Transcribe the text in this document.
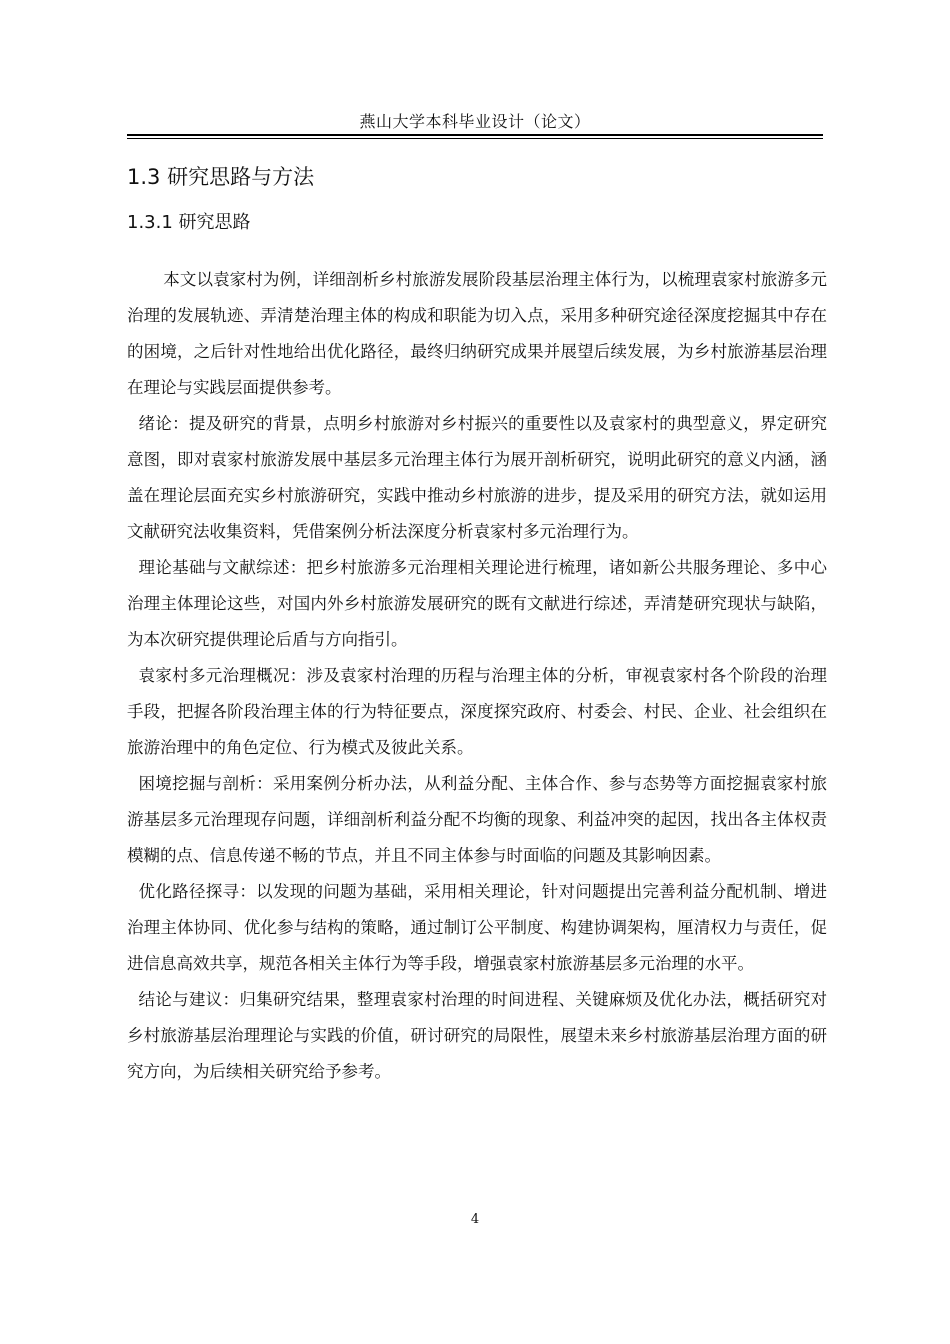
燕山大学本科毕业设计（论文）
1.3 研究思路与方法
1.3.1 研究思路

本文以袁家村为例，详细剖析乡村旅游发展阶段基层治理主体行为，以梳理袁家村旅游多元治理的发展轨迹、弄清楚治理主体的构成和职能为切入点，采用多种研究途径深度挖掘其中存在的困境，之后针对性地给出优化路径，最终归纳研究成果并展望后续发展，为乡村旅游基层治理在理论与实践层面提供参考。

绪论：提及研究的背景，点明乡村旅游对乡村振兴的重要性以及袁家村的典型意义，界定研究意图，即对袁家村旅游发展中基层多元治理主体行为展开剖析研究，说明此研究的意义内涵，涵盖在理论层面充实乡村旅游研究，实践中推动乡村旅游的进步，提及采用的研究方法，就如运用文献研究法收集资料，凭借案例分析法深度分析袁家村多元治理行为。

理论基础与文献综述：把乡村旅游多元治理相关理论进行梳理，诸如新公共服务理论、多中心治理主体理论这些，对国内外乡村旅游发展研究的既有文献进行综述，弄清楚研究现状与缺陷，为本次研究提供理论后盾与方向指引。

袁家村多元治理概况：涉及袁家村治理的历程与治理主体的分析，审视袁家村各个阶段的治理手段，把握各阶段治理主体的行为特征要点，深度探究政府、村委会、村民、企业、社会组织在旅游治理中的角色定位、行为模式及彼此关系。

困境挖掘与剖析：采用案例分析办法，从利益分配、主体合作、参与态势等方面挖掘袁家村旅游基层多元治理现存问题，详细剖析利益分配不均衡的现象、利益冲突的起因，找出各主体权责模糊的点、信息传递不畅的节点，并且不同主体参与时面临的问题及其影响因素。

优化路径探寻：以发现的问题为基础，采用相关理论，针对问题提出完善利益分配机制、增进治理主体协同、优化参与结构的策略，通过制订公平制度、构建协调架构，厘清权力与责任，促进信息高效共享，规范各相关主体行为等手段，增强袁家村旅游基层多元治理的水平。

结论与建议：归集研究结果，整理袁家村治理的时间进程、关键麻烦及优化办法，概括研究对乡村旅游基层治理理论与实践的价值，研讨研究的局限性，展望未来乡村旅游基层治理方面的研究方向，为后续相关研究给予参考。

4
